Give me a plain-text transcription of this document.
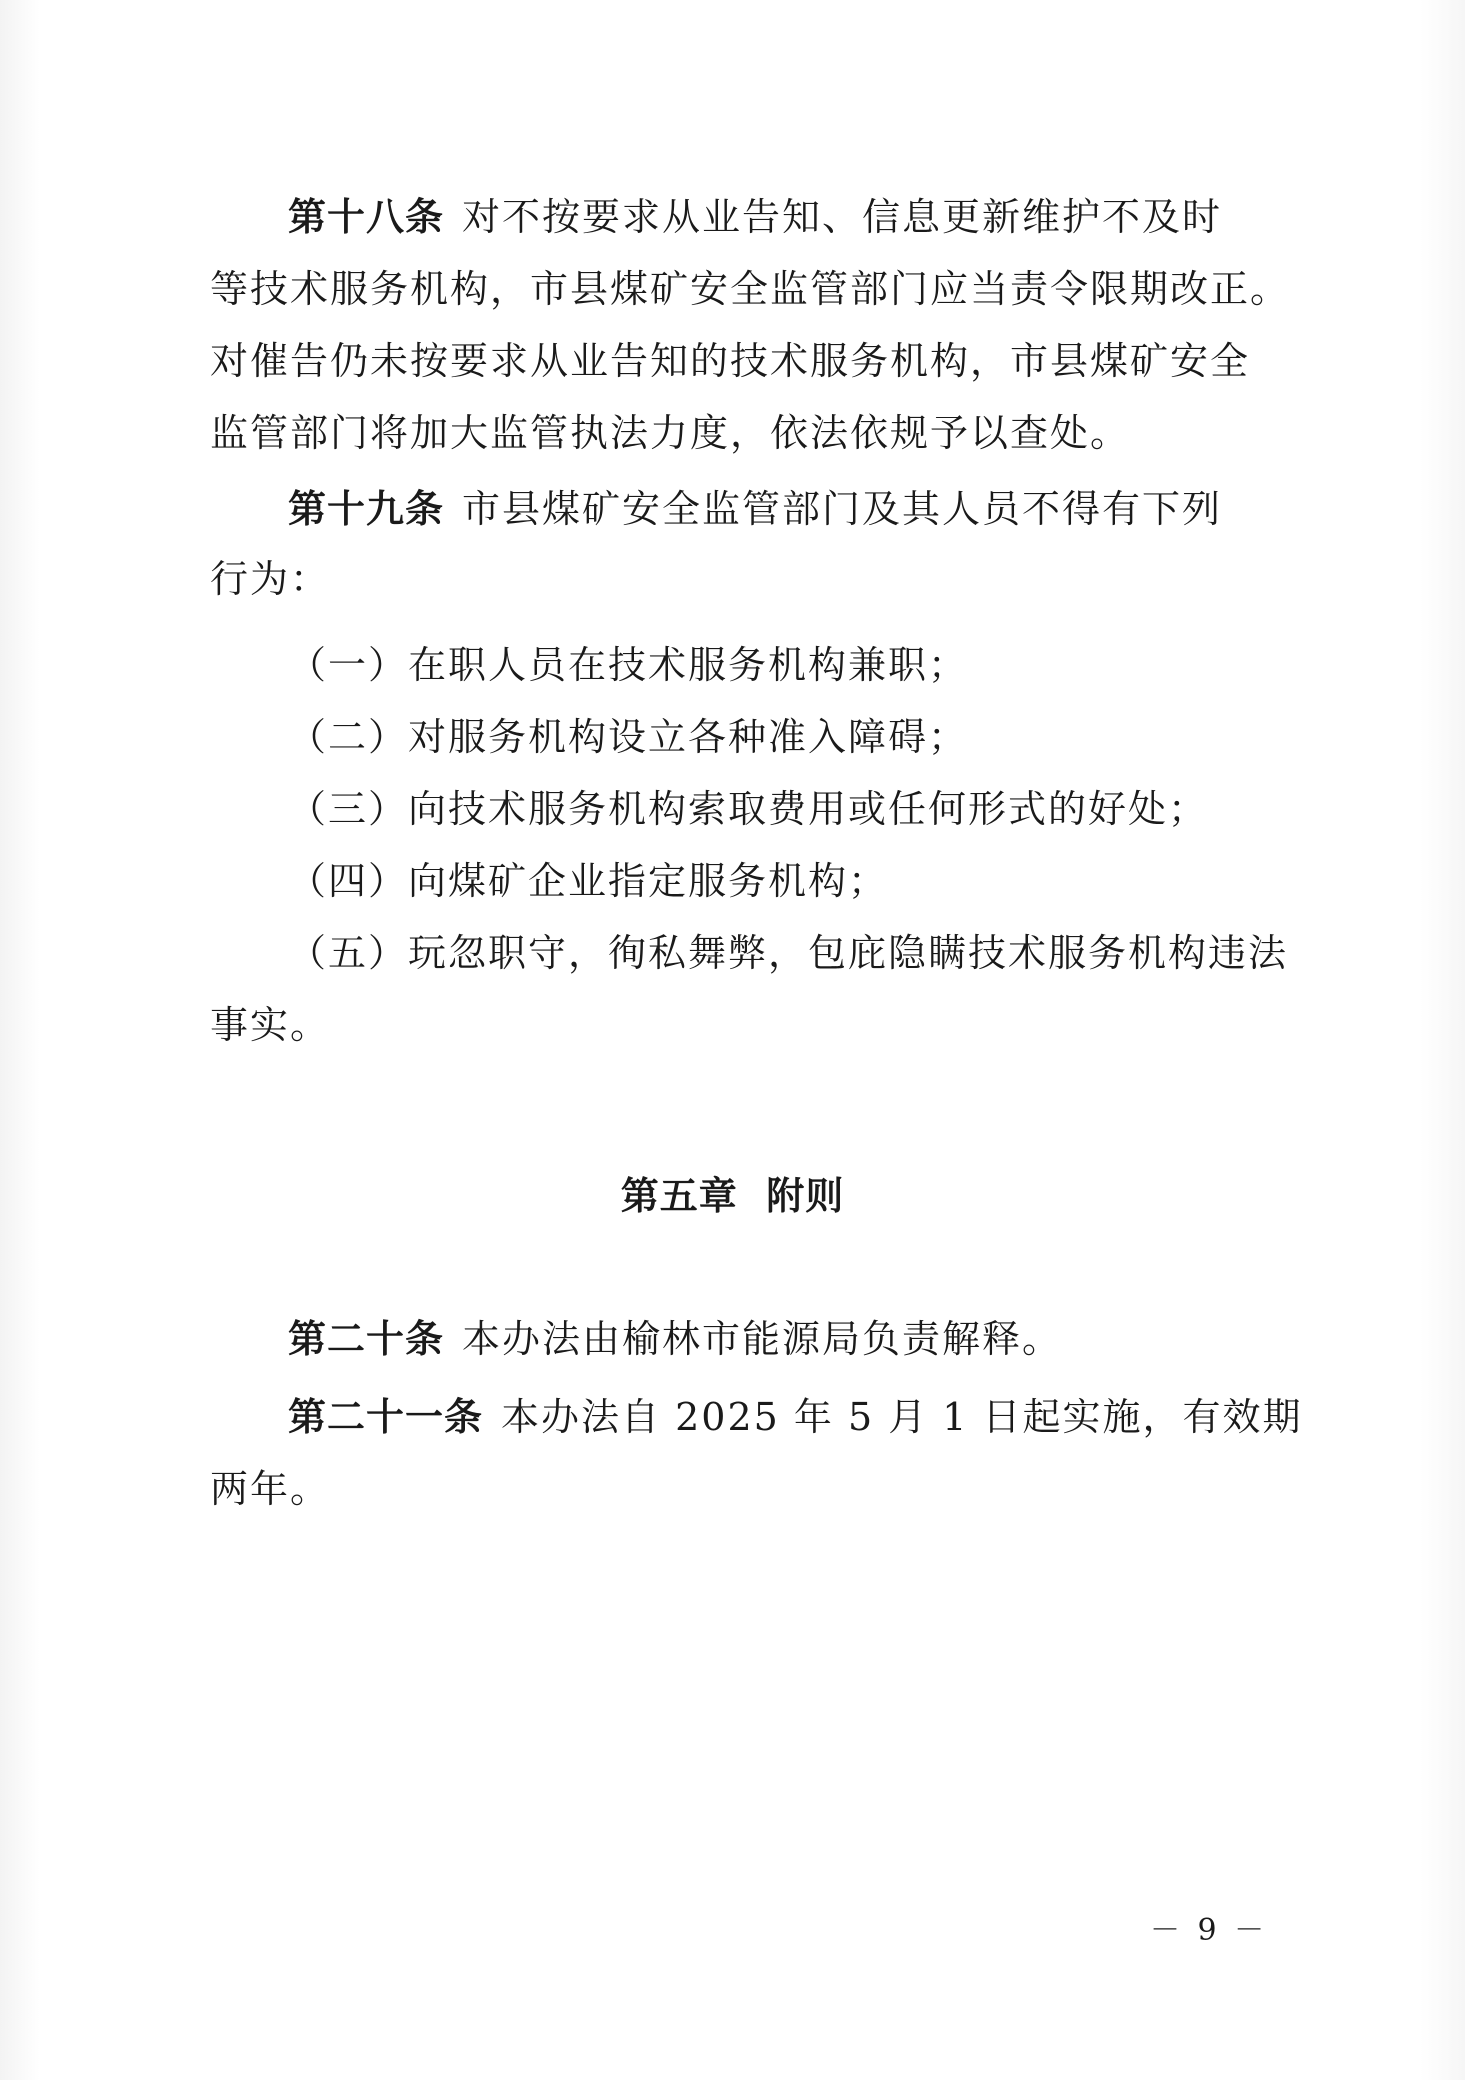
第十八条 对不按要求从业告知、信息更新维护不及时
等技术服务机构，市县煤矿安全监管部门应当责令限期改正。
对催告仍未按要求从业告知的技术服务机构，市县煤矿安全
监管部门将加大监管执法力度，依法依规予以查处。
第十九条 市县煤矿安全监管部门及其人员不得有下列
行为：
（一）在职人员在技术服务机构兼职；
（二）对服务机构设立各种准入障碍；
（三）向技术服务机构索取费用或任何形式的好处；
（四）向煤矿企业指定服务机构；
（五）玩忽职守，徇私舞弊，包庇隐瞒技术服务机构违法
事实。
第五章  附则
第二十条 本办法由榆林市能源局负责解释。
第二十一条 本办法自 2025 年 5 月 1 日起实施，有效期
两年。
－ 9 －
